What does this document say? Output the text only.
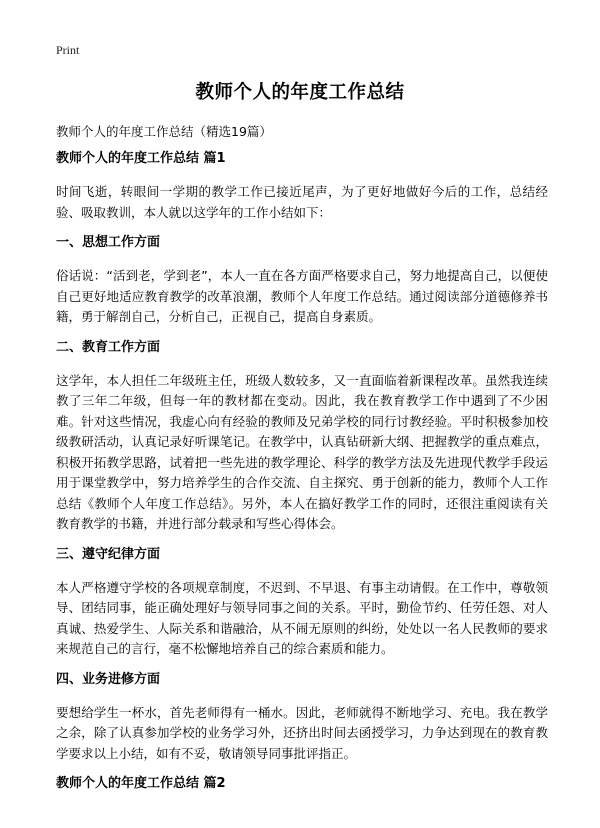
Print
教师个人的年度工作总结
教师个人的年度工作总结（精选19篇）
教师个人的年度工作总结 篇1
时间飞逝，转眼间一学期的教学工作已接近尾声，为了更好地做好今后的工作，总结经验、吸取教训，本人就以这学年的工作小结如下：
一、思想工作方面
俗话说：“活到老，学到老”，本人一直在各方面严格要求自己，努力地提高自己，以便使自己更好地适应教育教学的改革浪潮，教师个人年度工作总结。通过阅读部分道德修养书籍，勇于解剖自己，分析自己，正视自己，提高自身素质。
二、教育工作方面
这学年，本人担任二年级班主任，班级人数较多，又一直面临着新课程改革。虽然我连续教了三年二年级，但每一年的教材都在变动。因此，我在教育教学工作中遇到了不少困难。针对这些情况，我虚心向有经验的教师及兄弟学校的同行讨教经验。平时积极参加校级教研活动，认真记录好听课笔记。在教学中，认真钻研新大纲、把握教学的重点难点，积极开拓教学思路，试着把一些先进的教学理论、科学的教学方法及先进现代教学手段运用于课堂教学中，努力培养学生的合作交流、自主探究、勇于创新的能力，教师个人工作总结《教师个人年度工作总结》。另外，本人在搞好教学工作的同时，还很注重阅读有关教育教学的书籍，并进行部分载录和写些心得体会。
三、遵守纪律方面
本人严格遵守学校的各项规章制度，不迟到、不早退、有事主动请假。在工作中，尊敬领导、团结同事，能正确处理好与领导同事之间的关系。平时，勤俭节约、任劳任怨、对人真诚、热爱学生、人际关系和谐融洽，从不闹无原则的纠纷，处处以一名人民教师的要求来规范自己的言行，毫不松懈地培养自己的综合素质和能力。
四、业务进修方面
要想给学生一杯水，首先老师得有一桶水。因此，老师就得不断地学习、充电。我在教学之余，除了认真参加学校的业务学习外，还挤出时间去函授学习，力争达到现在的教育教学要求以上小结，如有不妥，敬请领导同事批评指正。
教师个人的年度工作总结 篇2
